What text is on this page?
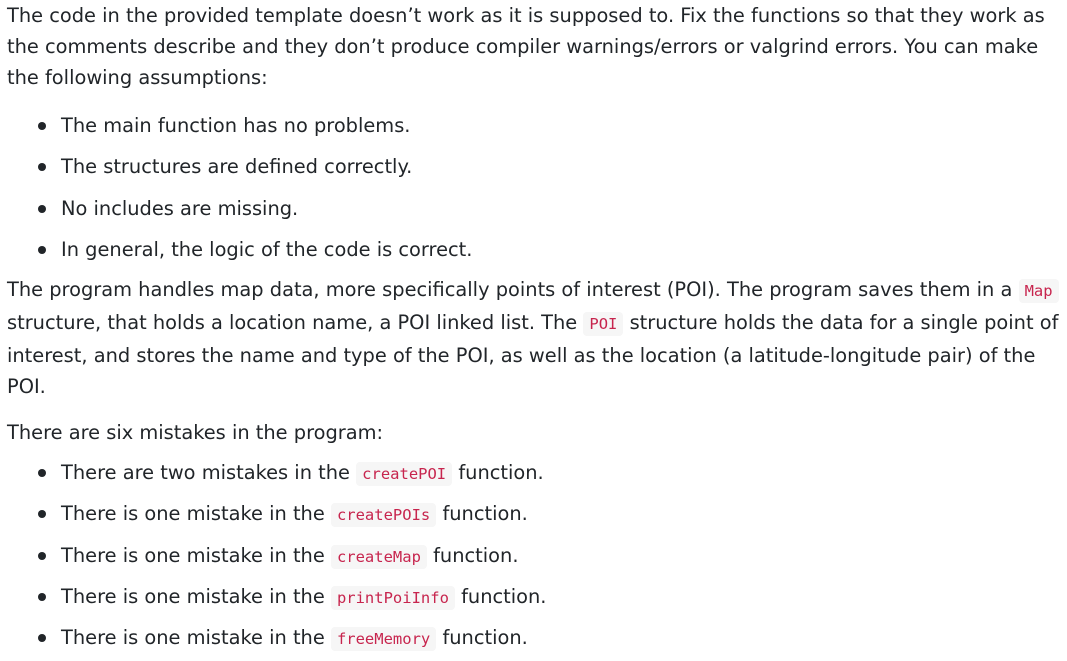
The code in the provided template doesn’t work as it is supposed to. Fix the functions so that they work as the comments describe and they don’t produce compiler warnings/errors or valgrind errors. You can make the following assumptions:

The main function has no problems.
The structures are defined correctly.
No includes are missing.
In general, the logic of the code is correct.

The program handles map data, more specifically points of interest (POI). The program saves them in a Map structure, that holds a location name, a POI linked list. The POI structure holds the data for a single point of interest, and stores the name and type of the POI, as well as the location (a latitude-longitude pair) of the POI.

There are six mistakes in the program:

There are two mistakes in the createPOI function.
There is one mistake in the createPOIs function.
There is one mistake in the createMap function.
There is one mistake in the printPoiInfo function.
There is one mistake in the freeMemory function.
